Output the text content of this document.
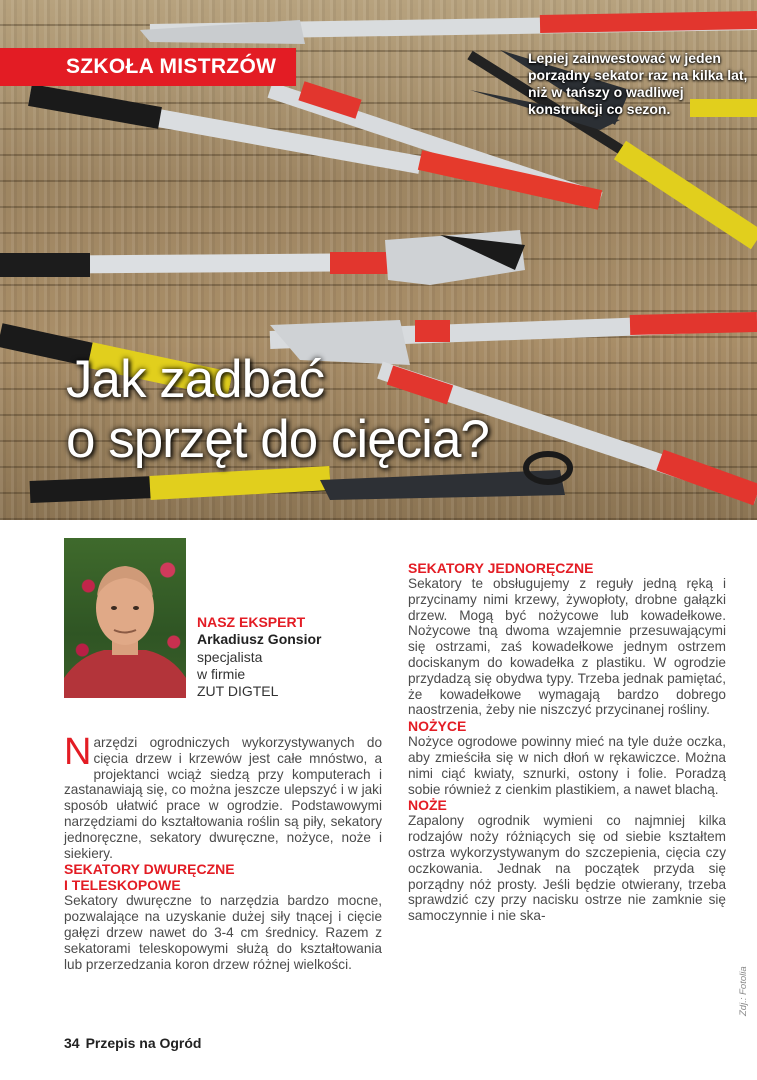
SZKOŁA MISTRZÓW	Lepiej zainwestować w jeden porządny sekator raz na kilka lat, niż w tańszy o wadliwej konstrukcji co sezon.
Jak zadbać
o sprzęt do cięcia?
NASZ EKSPERT
Arkadiusz Gonsior
specjalista
w firmie
ZUT DIGTEL

Narzędzi ogrodniczych wykorzystywanych do cięcia drzew i krzewów jest całe mnóstwo, a projektanci wciąż siedzą przy komputerach i zastanawiają się, co można jeszcze ulepszyć i w jaki sposób ułatwić prace w ogrodzie. Podstawowymi narzędziami do kształtowania roślin są piły, sekatory jednoręczne, sekatory dwuręczne, nożyce, noże i siekiery.

SEKATORY DWURĘCZNE
I TELESKOPOWE

Sekatory dwuręczne to narzędzia bardzo mocne, pozwalające na uzyskanie dużej siły tnącej i cięcie gałęzi drzew nawet do 3-4 cm średnicy. Razem z sekatorami teleskopowymi służą do kształtowania lub przerzedzania koron drzew różnej wielkości.

SEKATORY JEDNORĘCZNE

Sekatory te obsługujemy z reguły jedną ręką i przycinamy nimi krzewy, żywopłoty, drobne gałązki drzew. Mogą być nożycowe lub kowadełkowe. Nożycowe tną dwoma wzajemnie przesuwającymi się ostrzami, zaś kowadełkowe jednym ostrzem dociskanym do kowadełka z plastiku. W ogrodzie przydadzą się obydwa typy. Trzeba jednak pamiętać, że kowadełkowe wymagają bardzo dobrego naostrzenia, żeby nie niszczyć przycinanej rośliny.

NOŻYCE

Nożyce ogrodowe powinny mieć na tyle duże oczka, aby zmieściła się w nich dłoń w rękawiczce. Można nimi ciąć kwiaty, sznurki, ostony i folie. Poradzą sobie również z cienkim plastikiem, a nawet blachą.

NOŻE

Zapalony ogrodnik wymieni co najmniej kilka rodzajów noży różniących się od siebie kształtem ostrza wykorzystywanym do szczepienia, cięcia czy oczkowania. Jednak na początek przyda się porządny nóż prosty. Jeśli będzie otwierany, trzeba sprawdzić czy przy nacisku ostrze nie zamknie się samoczynnie i nie ska-

34 Przepis na Ogród
Zdj.: Fotolia
